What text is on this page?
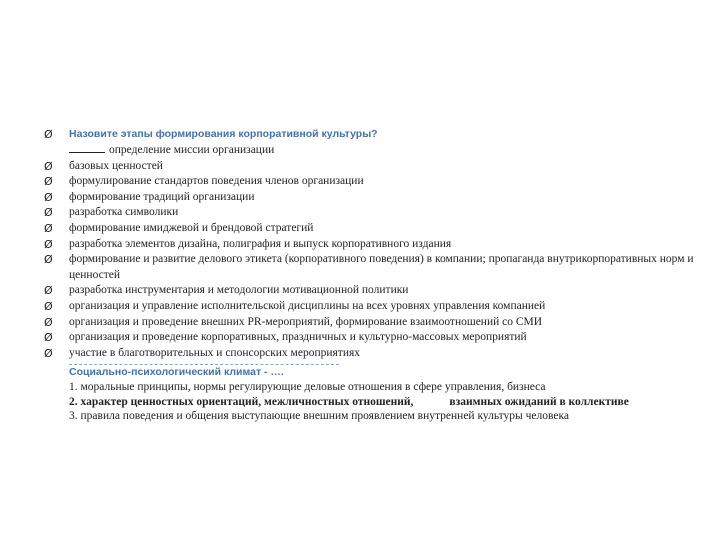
Ø Назовите этапы формирования корпоративной культуры?
определение миссии организации
Ø базовых ценностей
Ø формулирование стандартов поведения членов организации
Ø формирование традиций организации
Ø разработка символики
Ø формирование имиджевой и брендовой стратегий
Ø разработка элементов дизайна, полиграфия и выпуск корпоративного издания
Ø формирование и развитие делового этикета (корпоративного поведения) в компании; пропаганда внутрикорпоративных норм и ценностей
Ø разработка инструментария и методологии мотивационной политики
Ø организация и управление исполнительской дисциплины на всех уровнях управления компанией
Ø организация и проведение внешних PR-мероприятий, формирование взаимоотношений со СМИ
Ø организация и проведение корпоративных, праздничных и культурно-массовых мероприятий
Ø участие в благотворительных и спонсорских мероприятиях
Социально-психологический климат - ….
1. моральные принципы, нормы регулирующие деловые отношения в сфере управления, бизнеса
2. характер ценностных ориентаций, межличностных отношений,	взаимных ожиданий в коллективе
3. правила поведения и общения выступающие внешним проявлением внутренней культуры человека
